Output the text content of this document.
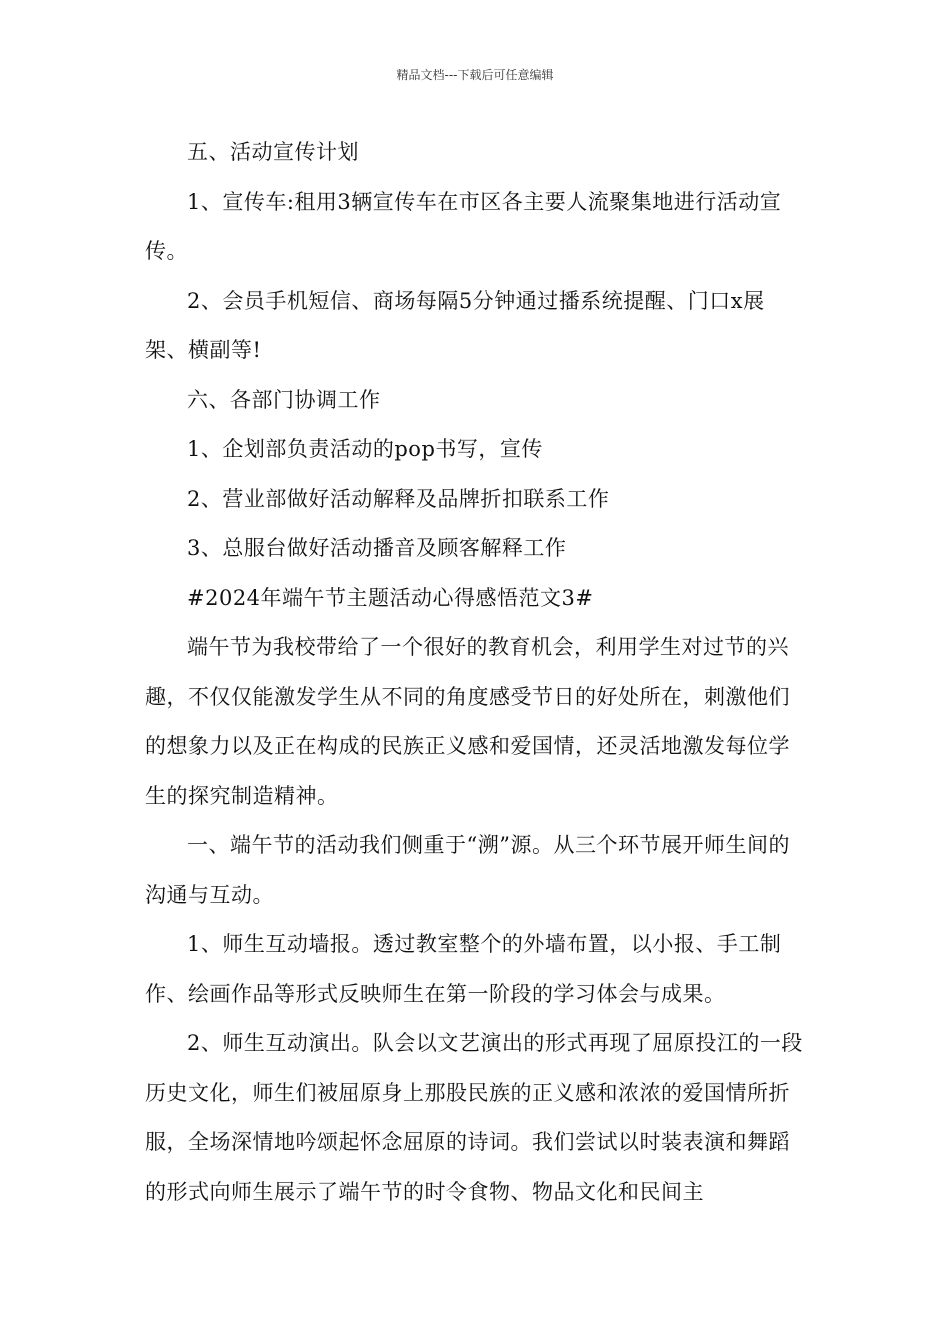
精品文档---下载后可任意编辑

五、活动宣传计划

1、宣传车:租用3辆宣传车在市区各主要人流聚集地进行活动宣传。

2、会员手机短信、商场每隔5分钟通过播系统提醒、门口x展架、横副等!

六、各部门协调工作

1、企划部负责活动的pop书写，宣传

2、营业部做好活动解释及品牌折扣联系工作

3、总服台做好活动播音及顾客解释工作

#2024年端午节主题活动心得感悟范文3#

端午节为我校带给了一个很好的教育机会，利用学生对过节的兴趣，不仅仅能激发学生从不同的角度感受节日的好处所在，刺激他们的想象力以及正在构成的民族正义感和爱国情，还灵活地激发每位学生的探究制造精神。

一、端午节的活动我们侧重于“溯”源。从三个环节展开师生间的沟通与互动。

1、师生互动墙报。透过教室整个的外墙布置，以小报、手工制作、绘画作品等形式反映师生在第一阶段的学习体会与成果。

2、师生互动演出。队会以文艺演出的形式再现了屈原投江的一段历史文化，师生们被屈原身上那股民族的正义感和浓浓的爱国情所折服，全场深情地吟颂起怀念屈原的诗词。我们尝试以时装表演和舞蹈的形式向师生展示了端午节的时令食物、物品文化和民间主
